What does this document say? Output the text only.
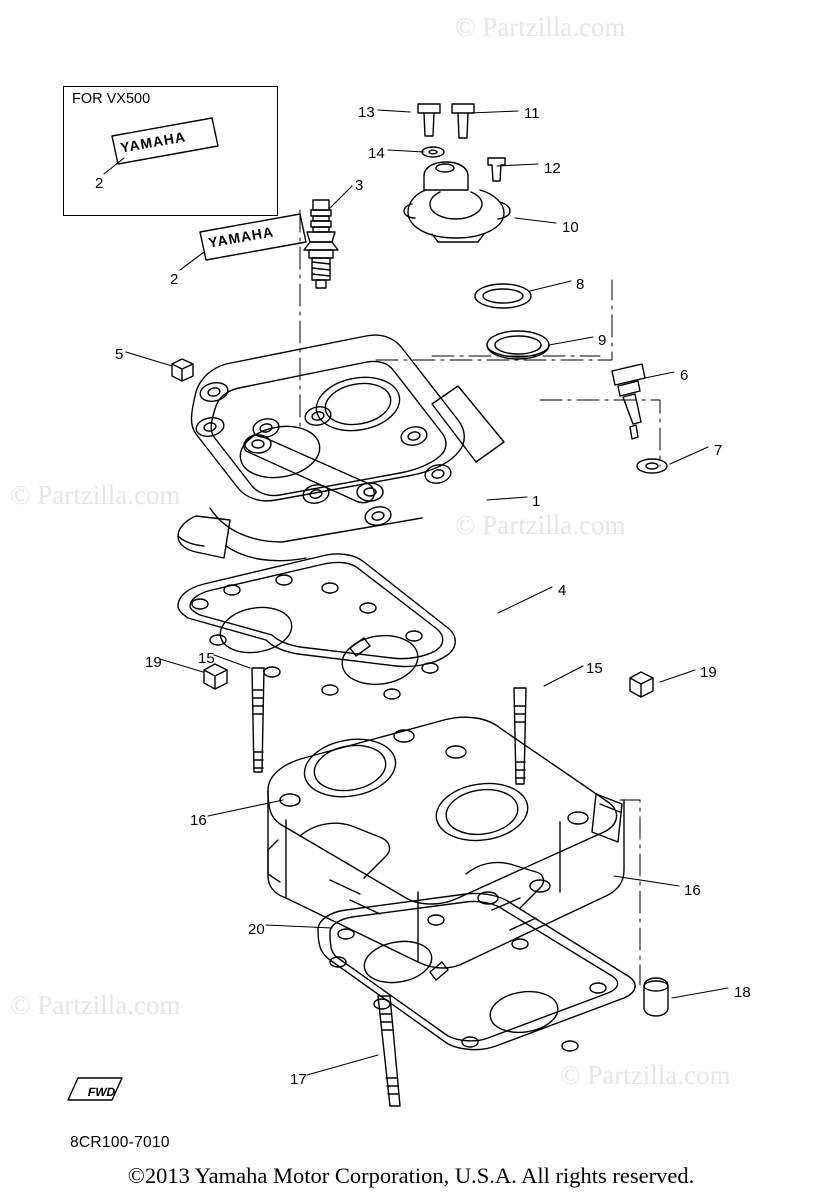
© Partzilla.com
© Partzilla.com
© Partzilla.com
© Partzilla.com
© Partzilla.com
FOR VX500
YAMAHA
YAMAHA
13	11
14
12
3
10
2
2	8
9
5
6
7
1
4
15
19	15	19
16
16
20
18
17
FWD
8CR100-7010
©2013 Yamaha Motor Corporation, U.S.A. All rights reserved.
